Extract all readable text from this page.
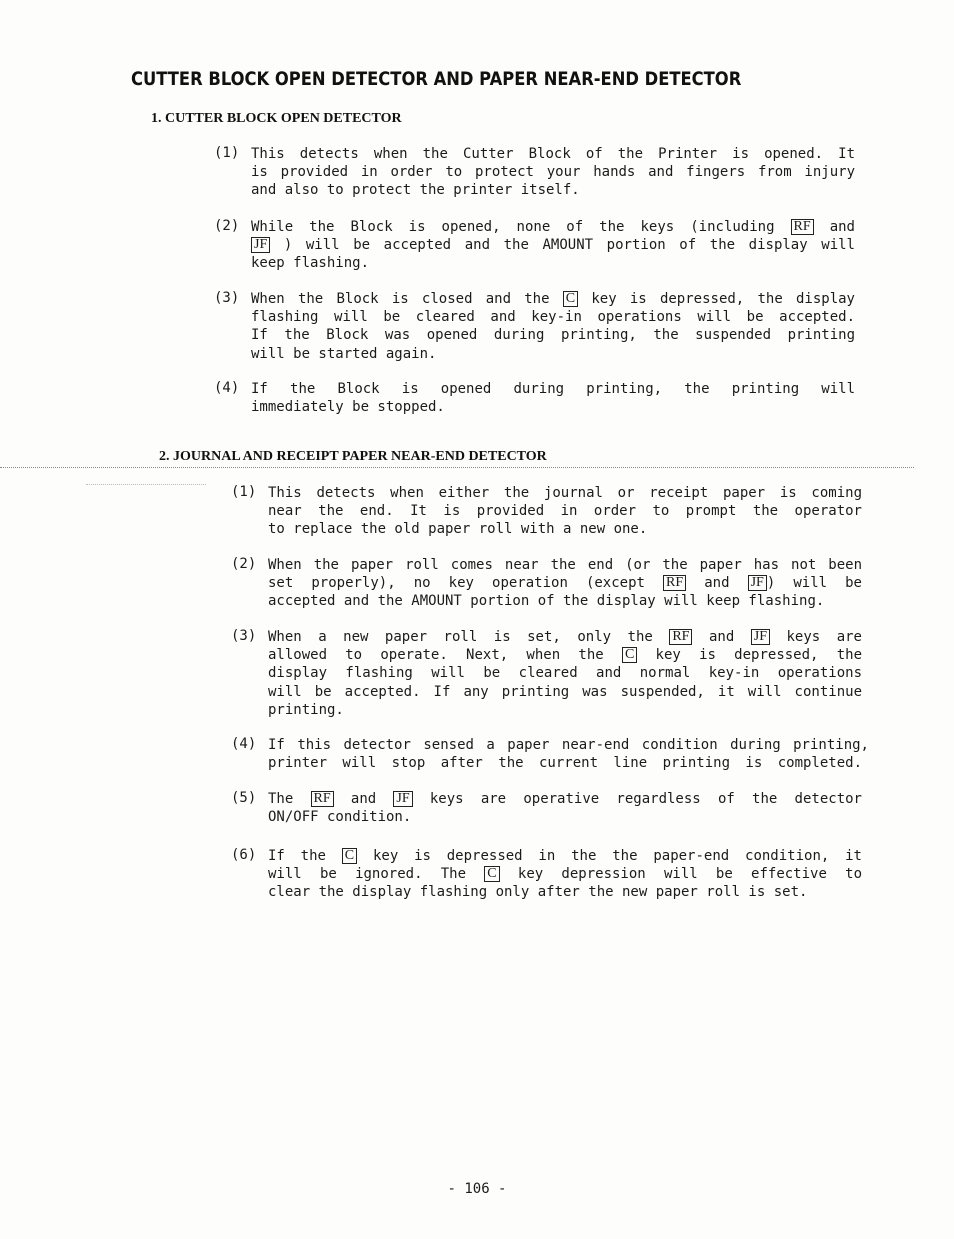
CUTTER BLOCK OPEN DETECTOR AND PAPER NEAR-END DETECTOR
1. CUTTER BLOCK OPEN DETECTOR
(1) This detects when the Cutter Block of the Printer is opened. It
is provided in order to protect your hands and fingers from injury
and also to protect the printer itself.
(2) While the Block is opened, none of the keys (including RF and
JF ) will be accepted and the AMOUNT portion of the display will
keep flashing.
(3) When the Block is closed and the C key is depressed, the display
flashing will be cleared and key-in operations will be accepted.
If the Block was opened during printing, the suspended printing
will be started again.
(4) If the Block is opened during printing, the printing will
immediately be stopped.
2. JOURNAL AND RECEIPT PAPER NEAR-END DETECTOR
(1) This detects when either the journal or receipt paper is coming
near the end. It is provided in order to prompt the operator
to replace the old paper roll with a new one.
(2) When the paper roll comes near the end (or the paper has not been
set properly), no key operation (except RF and JF ) will be
accepted and the AMOUNT portion of the display will keep flashing.
(3) When a new paper roll is set, only the RF and JF keys are
allowed to operate. Next, when the C key is depressed, the
display flashing will be cleared and normal key-in operations
will be accepted. If any printing was suspended, it will continue
printing.
(4) If this detector sensed a paper near-end condition during printing,
printer will stop after the current line printing is completed.
(5) The RF and JF keys are operative regardless of the detector
ON/OFF condition.
(6) If the C key is depressed in the the paper-end condition, it
will be ignored. The C key depression will be effective to
clear the display flashing only after the new paper roll is set.
- 106 -
